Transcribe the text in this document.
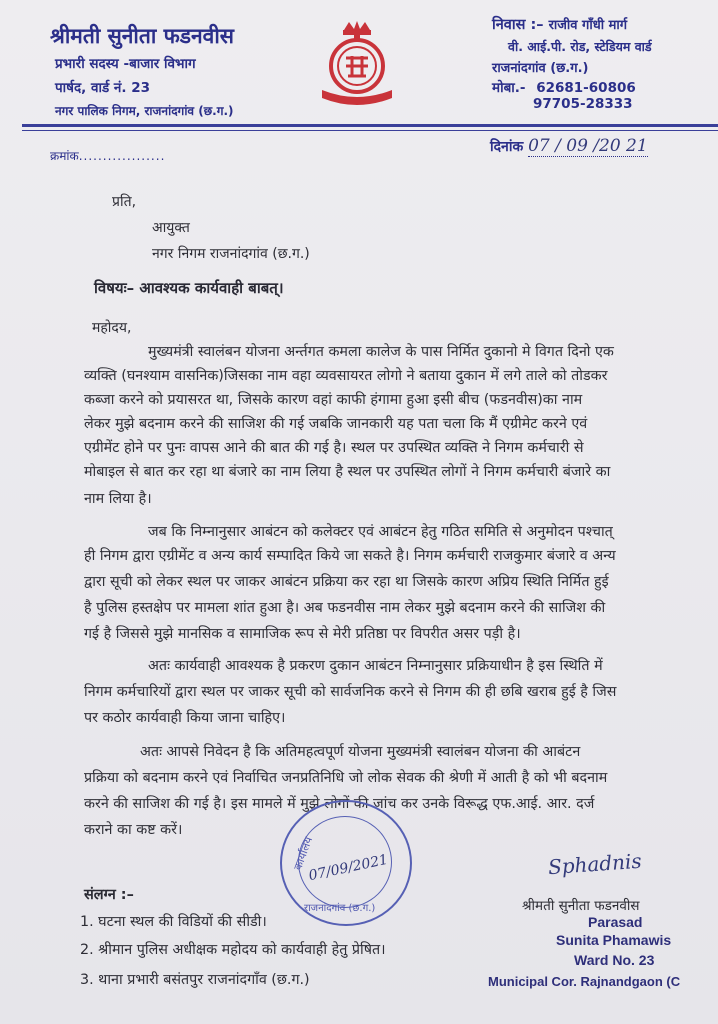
श्रीमती सुनीता फडनवीस
प्रभारी सदस्य -बाजार विभाग
पार्षद, वार्ड नं. 23
नगर पालिक निगम, राजनांदगांव (छ.ग.)
निवास :– राजीव गाँधी मार्ग
वी. आई.पी. रोड, स्टेडियम वार्ड
राजनांदगांव (छ.ग.)
मोबा.- 62681-60806
97705-28333
क्रमांक..................
दिनांक 07 / 09 /20 21
प्रति,
आयुक्त
नगर निगम राजनांदगांव (छ.ग.)
विषयः– आवश्यक कार्यवाही बाबत्।
महोदय,
मुख्यमंत्री स्वालंबन योजना अर्न्तगत कमला कालेज के पास निर्मित दुकानो मे विगत दिनो एक
व्यक्ति (घनश्याम वासनिक)जिसका नाम वहा व्यवसायरत लोगो ने बताया दुकान में लगे ताले को तोडकर
कब्जा करने को प्रयासरत था, जिसके कारण वहां काफी हंगामा हुआ इसी बीच (फडनवीस)का नाम
लेकर मुझे बदनाम करने की साजिश की गई जबकि जानकारी यह पता चला कि मैं एग्रीमेट करने एवं
एग्रीमेंट होने पर पुनः वापस आने की बात की गई है। स्थल पर उपस्थित व्यक्ति ने निगम कर्मचारी से
मोबाइल से बात कर रहा था बंजारे का नाम लिया है स्थल पर उपस्थित लोगों ने निगम कर्मचारी बंजारे का
नाम लिया है।
जब कि निम्नानुसार आबंटन को कलेक्टर एवं आबंटन हेतु गठित समिति से अनुमोदन पश्चात्
ही निगम द्वारा एग्रीमेंट व अन्य कार्य सम्पादित किये जा सकते है। निगम कर्मचारी राजकुमार बंजारे व अन्य
द्वारा सूची को लेकर स्थल पर जाकर आबंटन प्रक्रिया कर रहा था जिसके कारण अप्रिय स्थिति निर्मित हुई
है पुलिस हस्तक्षेप पर मामला शांत हुआ है। अब फडनवीस नाम लेकर मुझे बदनाम करने की साजिश की
गई है जिससे मुझे मानसिक व सामाजिक रूप से मेरी प्रतिष्ठा पर विपरीत असर पड़ी है।
अतः कार्यवाही आवश्यक है प्रकरण दुकान आबंटन निम्नानुसार प्रक्रियाधीन है इस स्थिति में
निगम कर्मचारियों द्वारा स्थल पर जाकर सूची को सार्वजनिक करने से निगम की ही छबि खराब हुई है जिस
पर कठोर कार्यवाही किया जाना चाहिए।
अतः आपसे निवेदन है कि अतिमहत्वपूर्ण योजना मुख्यमंत्री स्वालंबन योजना की आबंटन
प्रक्रिया को बदनाम करने एवं निर्वाचित जनप्रतिनिधि जो लोक सेवक की श्रेणी में आती है को भी बदनाम
करने की साजिश की गई है। इस मामले में मुझे लोगों की जांच कर उनके विरूद्ध एफ.आई. आर. दर्ज
कराने का कष्ट करें।
कार्यालय
07/09/2021
राजनांदगांव (छ.ग.)
संलग्न :–
1. घटना स्थल की विडियों की सीडी।
2. श्रीमान पुलिस अधीक्षक महोदय को कार्यवाही हेतु प्रेषित।
3. थाना प्रभारी बसंतपुर राजनांदगाँव (छ.ग.)
Sphadnis
श्रीमती सुनीता फडनवीस
Parasad
Sunita Phamawis
Ward No. 23
Municipal Cor. Rajnandgaon (C
